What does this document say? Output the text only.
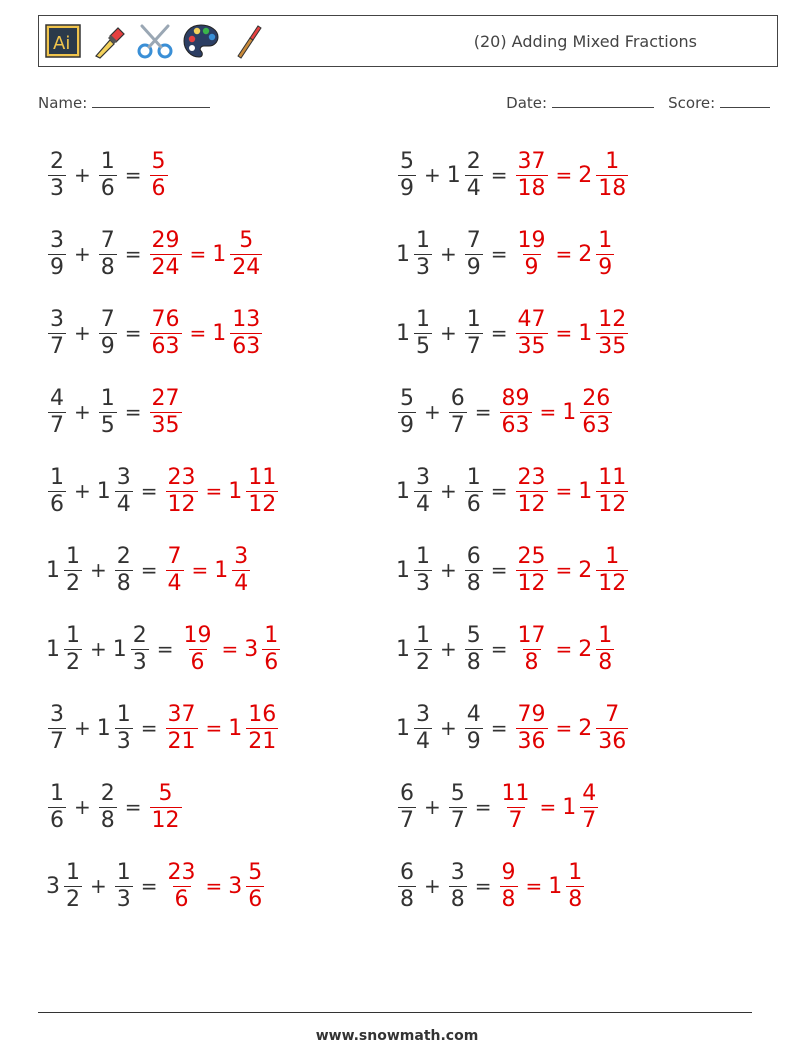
Ai	(20) Adding Mixed Fractions
Name:	Date:	Score:
$\frac{2}{3} + \frac{1}{6} = \frac{5}{6}$	$\frac{5}{9} + 1 \frac{2}{4} = \frac{37}{18} = 2 \frac{1}{18}$
$\frac{3}{9} + \frac{7}{8} = \frac{29}{24} = 1 \frac{5}{24}$	$1 \frac{1}{3} + \frac{7}{9} = \frac{19}{9} = 2 \frac{1}{9}$
$\frac{3}{7} + \frac{7}{9} = \frac{76}{63} = 1 \frac{13}{63}$	$1 \frac{1}{5} + \frac{1}{7} = \frac{47}{35} = 1 \frac{12}{35}$
$\frac{4}{7} + \frac{1}{5} = \frac{27}{35}$	$\frac{5}{9} + \frac{6}{7} = \frac{89}{63} = 1 \frac{26}{63}$
$\frac{1}{6} + 1 \frac{3}{4} = \frac{23}{12} = 1 \frac{11}{12}$	$1 \frac{3}{4} + \frac{1}{6} = \frac{23}{12} = 1 \frac{11}{12}$
$1 \frac{1}{2} + \frac{2}{8} = \frac{7}{4} = 1 \frac{3}{4}$	$1 \frac{1}{3} + \frac{6}{8} = \frac{25}{12} = 2 \frac{1}{12}$
$1 \frac{1}{2} + 1 \frac{2}{3} = \frac{19}{6} = 3 \frac{1}{6}$	$1 \frac{1}{2} + \frac{5}{8} = \frac{17}{8} = 2 \frac{1}{8}$
$\frac{3}{7} + 1 \frac{1}{3} = \frac{37}{21} = 1 \frac{16}{21}$	$1 \frac{3}{4} + \frac{4}{9} = \frac{79}{36} = 2 \frac{7}{36}$
$\frac{1}{6} + \frac{2}{8} = \frac{5}{12}$	$\frac{6}{7} + \frac{5}{7} = \frac{11}{7} = 1 \frac{4}{7}$
$3 \frac{1}{2} + \frac{1}{3} = \frac{23}{6} = 3 \frac{5}{6}$	$\frac{6}{8} + \frac{3}{8} = \frac{9}{8} = 1 \frac{1}{8}$
www.snowmath.com
